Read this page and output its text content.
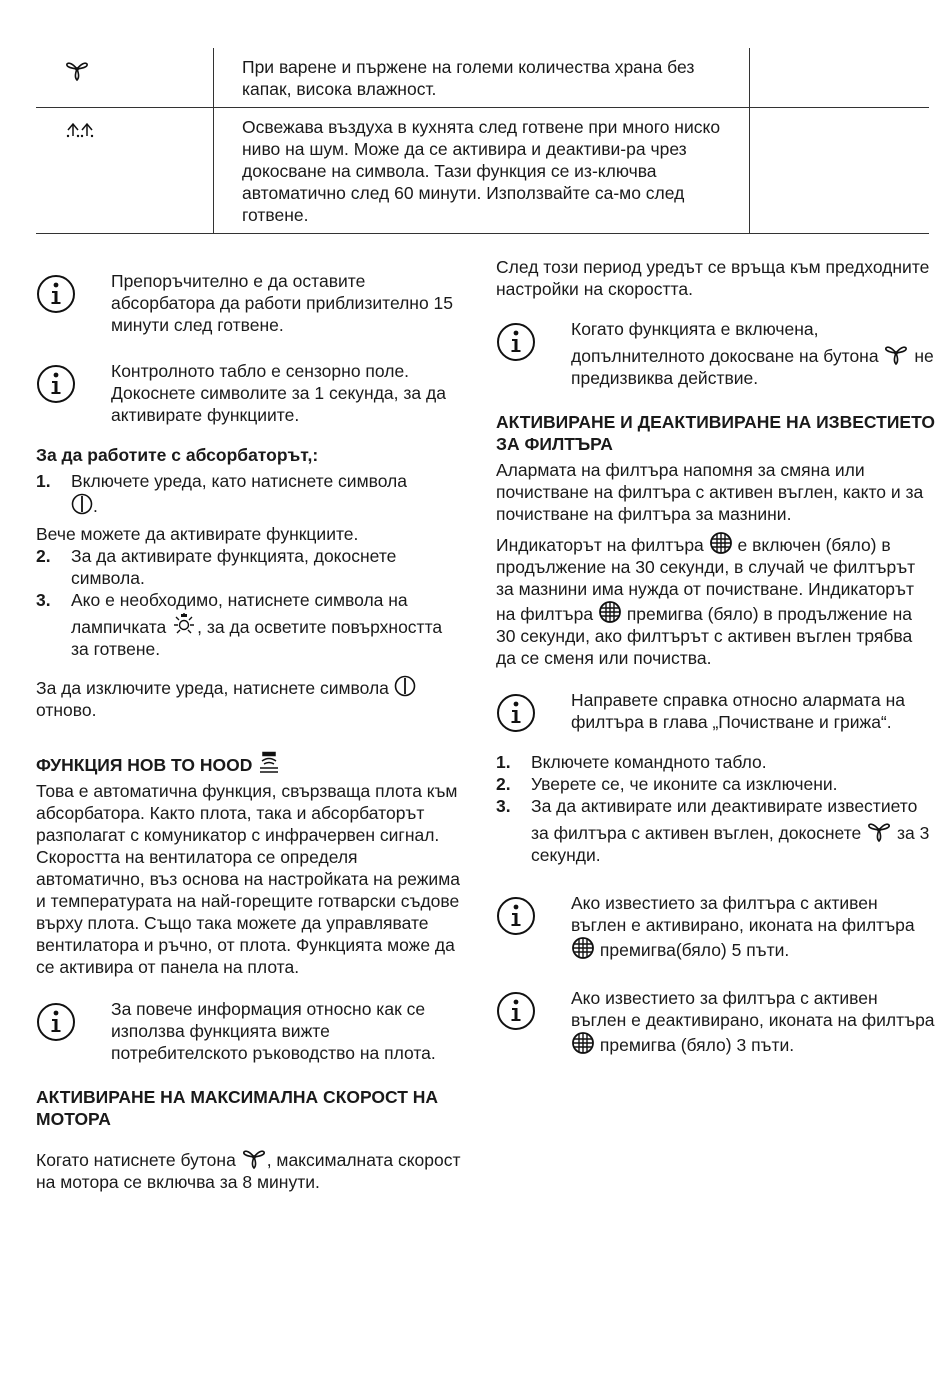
При варене и пържене на големи количества храна без капак, висока влажност.
Освежава въздуха в кухнята след готвене при много ниско ниво на шум. Може да се активира и деактиви-ра чрез докосване на символа. Тази функция се из-ключва автоматично след 60 минути. Използвайте са-мо след готвене.
Препоръчително е да оставите абсорбатора да работи приблизително 15 минути след готвене.
Контролното табло е сензорно поле. Докоснете символите за 1 секунда, за да активирате функциите.

За да работите с абсорбаторът,:

1.	Включете уреда, като натиснете символа
.

Вече можете да активирате функциите.

2.	За да активирате функцията, докоснете символа.
3.	Ако е необходимо, натиснете символа на лампичката , за да осветите повърхността за готвене.

За да изключите уреда, натиснете символа  отново.

ФУНКЦИЯ HOB TO HOOD

Това е автоматична функция, свързваща плота към абсорбатора. Както плота, така и абсорбаторът разполагат с комуникатор с инфрачервен сигнал. Скоростта на вентилатора се определя автоматично, въз основа на настройката на режима и температурата на най-горещите готварски съдове върху плота. Също така можете да управлявате вентилатора и ръчно, от плота. Функцията може да се активира от панела на плота.

За повече информация относно как се използва функцията вижте потребителското ръководство на плота.

АКТИВИРАНЕ НА МАКСИМАЛНА СКОРОСТ НА МОТОРА

Когато натиснете бутона , максималната скорост на мотора се включва за 8 минути.

След този период уредът се връща към предходните настройки на скоростта.

Когато функцията е включена, допълнителното докосване на бутона не предизвиква действие.

АКТИВИРАНЕ И ДЕАКТИВИРАНЕ НА ИЗВЕСТИЕТО ЗА ФИЛТЪРА

Алармата на филтъра напомня за смяна или почистване на филтъра с активен въглен, както и за почистване на филтъра за мазнини.

Индикаторът на филтъра е включен (бяло) в продължение на 30 секунди, в случай че филтърът за мазнини има нужда от почистване. Индикаторът на филтъра премигва (бяло) в продължение на 30 секунди, ако филтърът с активен въглен трябва да се сменя или почиства.

Направете справка относно алармата на филтъра в глава „Почистване и грижа“.
1.	Включете командното табло.
2.	Уверете се, че иконите са изключени.
3.	За да активирате или деактивирате известието за филтъра с активен въглен, докоснете за 3 секунди.
Ако известието за филтъра с активен въглен е активирано, иконата на филтъра  премигва(бяло) 5 пъти.
Ако известието за филтъра с активен въглен е деактивирано, иконата на филтъра  премигва (бяло) 3 пъти.
